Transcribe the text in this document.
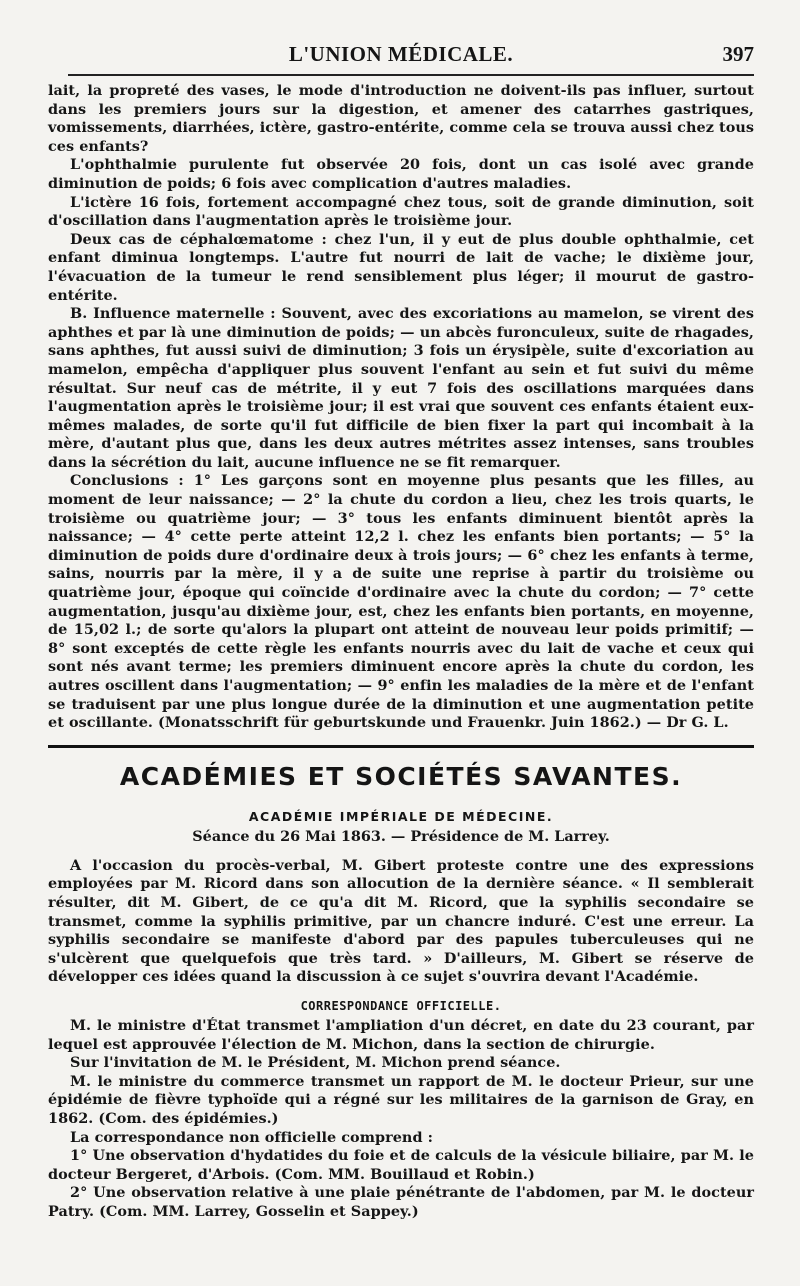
L'UNION MÉDICALE.	397

lait, la propreté des vases, le mode d'introduction ne doivent-ils pas influer, surtout dans les premiers jours sur la digestion, et amener des catarrhes gastriques, vomissements, diarrhées, ictère, gastro-entérite, comme cela se trouva aussi chez tous ces enfants?

L'ophthalmie purulente fut observée 20 fois, dont un cas isolé avec grande diminution de poids; 6 fois avec complication d'autres maladies.

L'ictère 16 fois, fortement accompagné chez tous, soit de grande diminution, soit d'oscillation dans l'augmentation après le troisième jour.

Deux cas de céphalœmatome : chez l'un, il y eut de plus double ophthalmie, cet enfant diminua longtemps. L'autre fut nourri de lait de vache; le dixième jour, l'évacuation de la tumeur le rend sensiblement plus léger; il mourut de gastro-entérite.

B. Influence maternelle : Souvent, avec des excoriations au mamelon, se virent des aphthes et par là une diminution de poids; — un abcès furonculeux, suite de rhagades, sans aphthes, fut aussi suivi de diminution; 3 fois un érysipèle, suite d'excoriation au mamelon, empêcha d'appliquer plus souvent l'enfant au sein et fut suivi du même résultat. Sur neuf cas de métrite, il y eut 7 fois des oscillations marquées dans l'augmentation après le troisième jour; il est vrai que souvent ces enfants étaient eux-mêmes malades, de sorte qu'il fut difficile de bien fixer la part qui incombait à la mère, d'autant plus que, dans les deux autres métrites assez intenses, sans troubles dans la sécrétion du lait, aucune influence ne se fit remarquer.

Conclusions : 1° Les garçons sont en moyenne plus pesants que les filles, au moment de leur naissance; — 2° la chute du cordon a lieu, chez les trois quarts, le troisième ou quatrième jour; — 3° tous les enfants diminuent bientôt après la naissance; — 4° cette perte atteint 12,2 l. chez les enfants bien portants; — 5° la diminution de poids dure d'ordinaire deux à trois jours; — 6° chez les enfants à terme, sains, nourris par la mère, il y a de suite une reprise à partir du troisième ou quatrième jour, époque qui coïncide d'ordinaire avec la chute du cordon; — 7° cette augmentation, jusqu'au dixième jour, est, chez les enfants bien portants, en moyenne, de 15,02 l.; de sorte qu'alors la plupart ont atteint de nouveau leur poids primitif; — 8° sont exceptés de cette règle les enfants nourris avec du lait de vache et ceux qui sont nés avant terme; les premiers diminuent encore après la chute du cordon, les autres oscillent dans l'augmentation; — 9° enfin les maladies de la mère et de l'enfant se traduisent par une plus longue durée de la diminution et une augmentation petite et oscillante. (Monatsschrift für geburtskunde und Frauenkr. Juin 1862.) — Dr G. L.

ACADÉMIES ET SOCIÉTÉS SAVANTES.
ACADÉMIE IMPÉRIALE DE MÉDECINE.
Séance du 26 Mai 1863. — Présidence de M. Larrey.

A l'occasion du procès-verbal, M. Gibert proteste contre une des expressions employées par M. Ricord dans son allocution de la dernière séance. « Il semblerait résulter, dit M. Gibert, de ce qu'a dit M. Ricord, que la syphilis secondaire se transmet, comme la syphilis primitive, par un chancre induré. C'est une erreur. La syphilis secondaire se manifeste d'abord par des papules tuberculeuses qui ne s'ulcèrent que quelquefois que très tard. » D'ailleurs, M. Gibert se réserve de développer ces idées quand la discussion à ce sujet s'ouvrira devant l'Académie.

CORRESPONDANCE OFFICIELLE.

M. le ministre d'État transmet l'ampliation d'un décret, en date du 23 courant, par lequel est approuvée l'élection de M. Michon, dans la section de chirurgie.

Sur l'invitation de M. le Président, M. Michon prend séance.

M. le ministre du commerce transmet un rapport de M. le docteur Prieur, sur une épidémie de fièvre typhoïde qui a régné sur les militaires de la garnison de Gray, en 1862. (Com. des épidémies.)

La correspondance non officielle comprend :

1° Une observation d'hydatides du foie et de calculs de la vésicule biliaire, par M. le docteur Bergeret, d'Arbois. (Com. MM. Bouillaud et Robin.)

2° Une observation relative à une plaie pénétrante de l'abdomen, par M. le docteur Patry. (Com. MM. Larrey, Gosselin et Sappey.)
